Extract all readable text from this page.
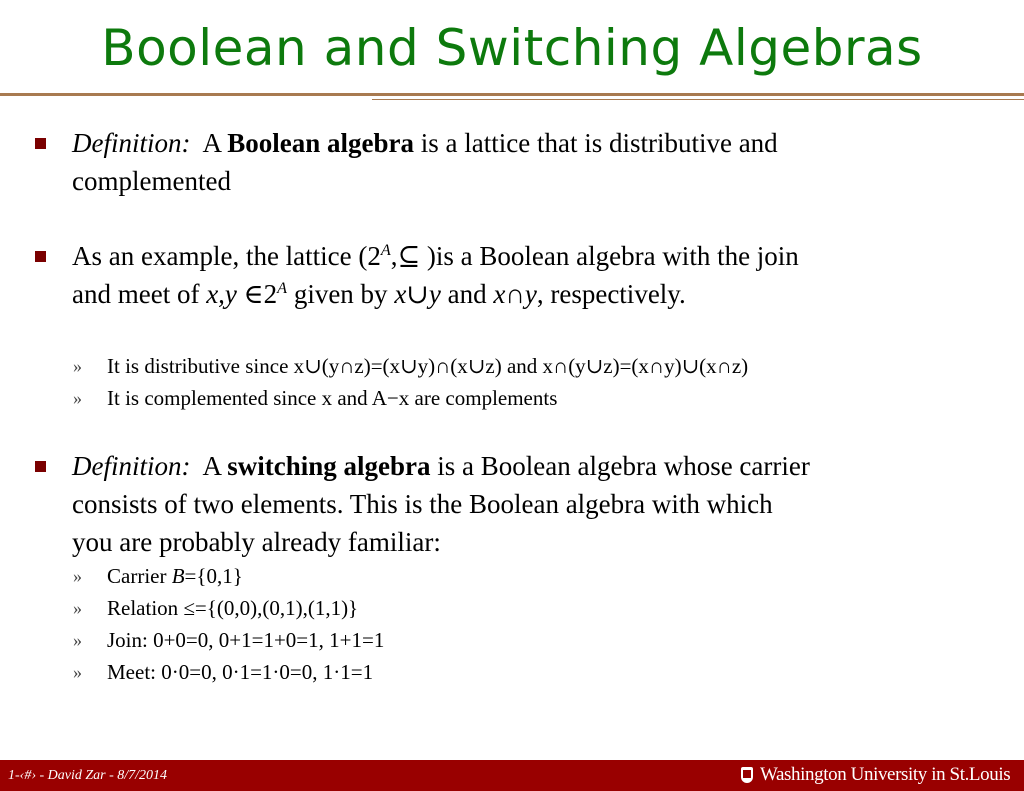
Boolean and Switching Algebras
Definition: A Boolean algebra is a lattice that is distributive and
complemented
As an example, the lattice ($2^A,⊆$ )is a Boolean algebra with the join
and meet of x,y $\in 2^A$ given by x∪y and x∩y, respectively.
» It is distributive since x∪(y∩z)=(x∪y)∩(x∪z) and x∩(y∪z)=(x∩y)∪(x∩z)
» It is complemented since x and A−x are complements
Definition: A switching algebra is a Boolean algebra whose carrier
consists of two elements. This is the Boolean algebra with which
you are probably already familiar:
» Carrier B={0,1}
» Relation ≤={(0,0),(0,1),(1,1)}
» Join: 0+0=0, 0+1=1+0=1, 1+1=1
» Meet: 0·0=0, 0·1=1·0=0, 1·1=1
1-‹#› - David Zar - 8/7/2014	Washington University in St.Louis
